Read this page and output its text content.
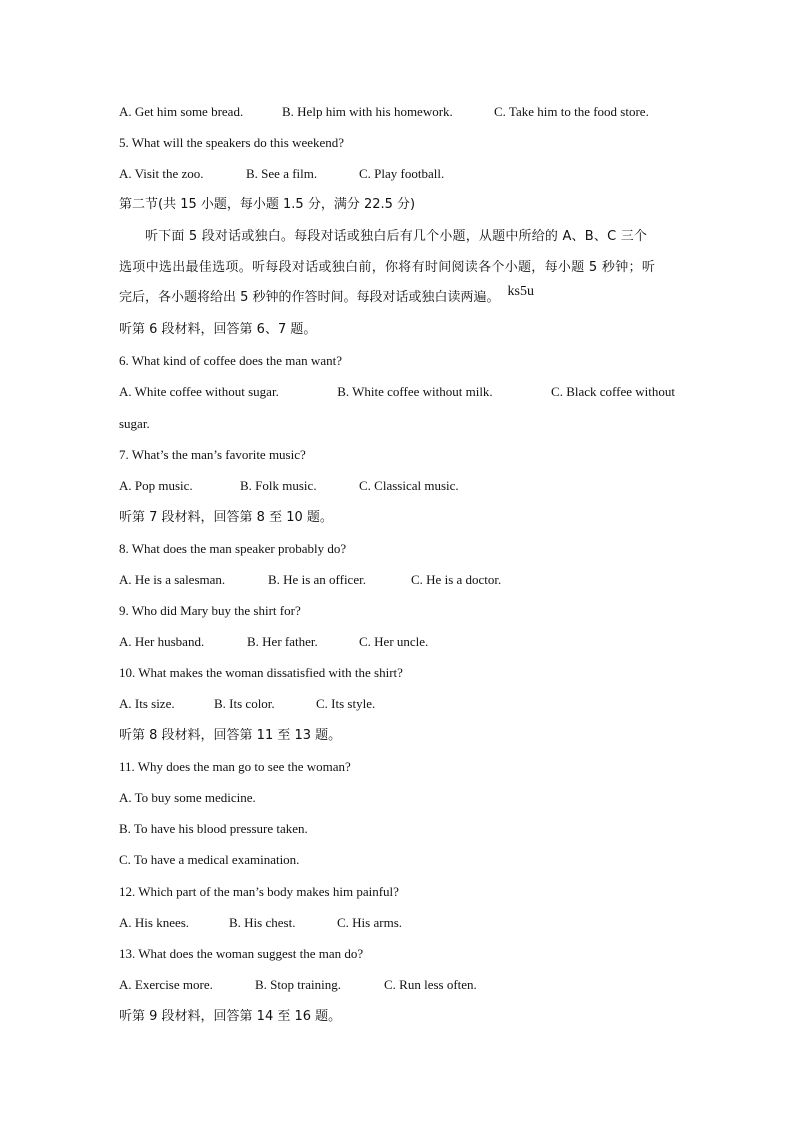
A. Get him some bread.	B. Help him with his homework.	C. Take him to the food store.
5. What will the speakers do this weekend?
A. Visit the zoo.	B. See a film.	C. Play football.
第二节(共 15 小题，每小题 1.5 分，满分 22.5 分)
听下面 5 段对话或独白。每段对话或独白后有几个小题，从题中所给的 A、B、C 三个
选项中选出最佳选项。听每段对话或独白前，你将有时间阅读各个小题，每小题 5 秒钟；听
完后，各小题将给出 5 秒钟的作答时间。每段对话或独白读两遍。 ks5u
听第 6 段材料，回答第 6、7 题。
6. What kind of coffee does the man want?
A. White coffee without sugar.	B. White coffee without milk.	C. Black coffee without
sugar.
7. What’s the man’s favorite music?
A. Pop music.	B. Folk music.	C. Classical music.
听第 7 段材料，回答第 8 至 10 题。
8. What does the man speaker probably do?
A. He is a salesman.	B. He is an officer.	C. He is a doctor.
9. Who did Mary buy the shirt for?
A. Her husband.	B. Her father.	C. Her uncle.
10. What makes the woman dissatisfied with the shirt?
A. Its size.	B. Its color.	C. Its style.
听第 8 段材料，回答第 11 至 13 题。
11. Why does the man go to see the woman?
A. To buy some medicine.
B. To have his blood pressure taken.
C. To have a medical examination.
12. Which part of the man’s body makes him painful?
A. His knees.	B. His chest.	C. His arms.
13. What does the woman suggest the man do?
A. Exercise more.	B. Stop training.	C. Run less often.
听第 9 段材料，回答第 14 至 16 题。
